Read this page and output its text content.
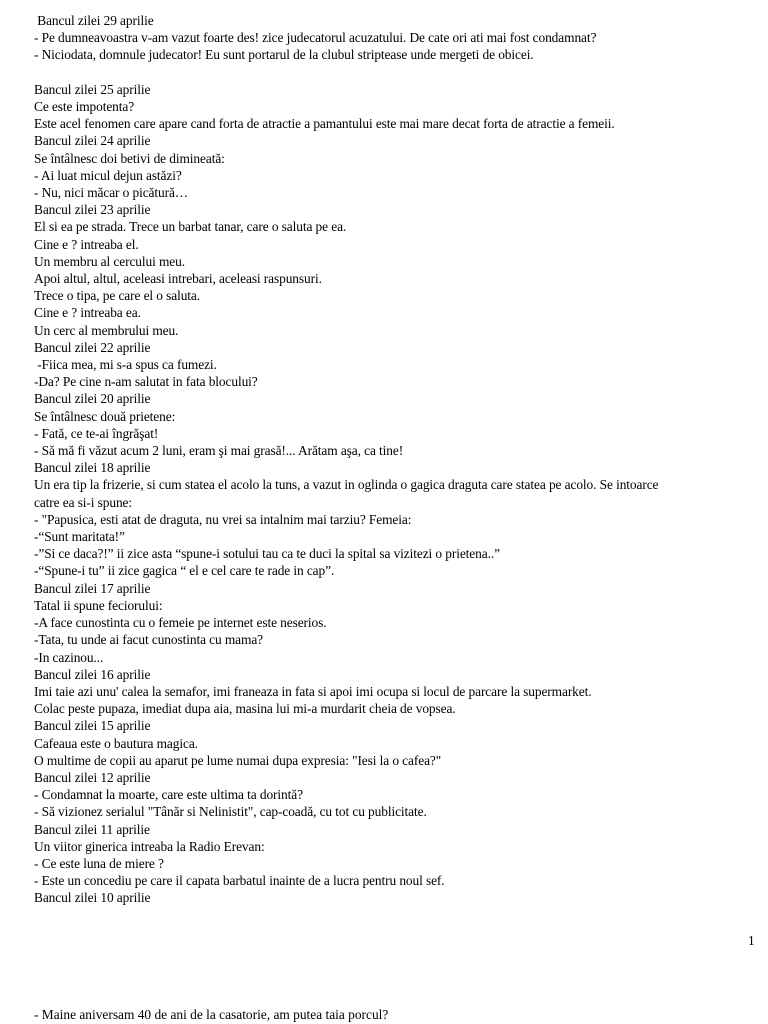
Bancul zilei 29 aprilie
- Pe dumneavoastra v-am vazut foarte des! zice judecatorul acuzatului. De cate ori ati mai fost condamnat?
- Niciodata, domnule judecator! Eu sunt portarul de la clubul striptease unde mergeti de obicei.
Bancul zilei 25 aprilie
Ce este impotenta?
Este acel fenomen care apare cand forta de atractie a pamantului este mai mare decat forta de atractie a femeii.
Bancul zilei 24 aprilie
Se întâlnesc doi betivi de dimineată:
- Ai luat micul dejun astăzi?
- Nu, nici măcar o picătură…
Bancul zilei 23 aprilie
El si ea pe strada. Trece un barbat tanar, care o saluta pe ea.
Cine e ? intreaba el.
Un membru al cercului meu.
Apoi altul, altul, aceleasi intrebari, aceleasi raspunsuri.
Trece o tipa, pe care el o saluta.
Cine e ? intreaba ea.
Un cerc al membrului meu.
Bancul zilei 22 aprilie
-Fiica mea, mi s-a spus ca fumezi.
-Da? Pe cine n-am salutat in fata blocului?
Bancul zilei 20 aprilie
Se întâlnesc două prietene:
- Fată, ce te-ai îngrăşat!
- Să mă fi văzut acum 2 luni, eram şi mai grasă!... Arătam aşa, ca tine!
Bancul zilei 18 aprilie
Un era tip la frizerie, si cum statea el acolo la tuns, a vazut in oglinda o gagica draguta care statea pe acolo. Se intoarce
catre ea si-i spune:
- "Papusica, esti atat de draguta, nu vrei sa intalnim mai tarziu? Femeia:
-“Sunt maritata!”
-”Si ce daca?!” ii zice asta “spune-i sotului tau ca te duci la spital sa vizitezi o prietena..”
-“Spune-i tu” ii zice gagica “ el e cel care te rade in cap”.
Bancul zilei 17 aprilie
Tatal ii spune feciorului:
-A face cunostinta cu o femeie pe internet este neserios.
-Tata, tu unde ai facut cunostinta cu mama?
-In cazinou...
Bancul zilei 16 aprilie
Imi taie azi unu' calea la semafor, imi franeaza in fata si apoi imi ocupa si locul de parcare la supermarket.
Colac peste pupaza, imediat dupa aia, masina lui mi-a murdarit cheia de vopsea.
Bancul zilei 15 aprilie
Cafeaua este o bautura magica.
O multime de copii au aparut pe lume numai dupa expresia: "Iesi la o cafea?"
Bancul zilei 12 aprilie
- Condamnat la moarte, care este ultima ta dorintă?
- Să vizionez serialul "Tânăr si Nelinistit", cap-coadă, cu tot cu publicitate.
Bancul zilei 11 aprilie
Un viitor ginerica intreaba la Radio Erevan:
- Ce este luna de miere ?
- Este un concediu pe care il capata barbatul inainte de a lucra pentru noul sef.
Bancul zilei 10 aprilie
1
- Maine aniversam 40 de ani de la casatorie, am putea taia porcul?
